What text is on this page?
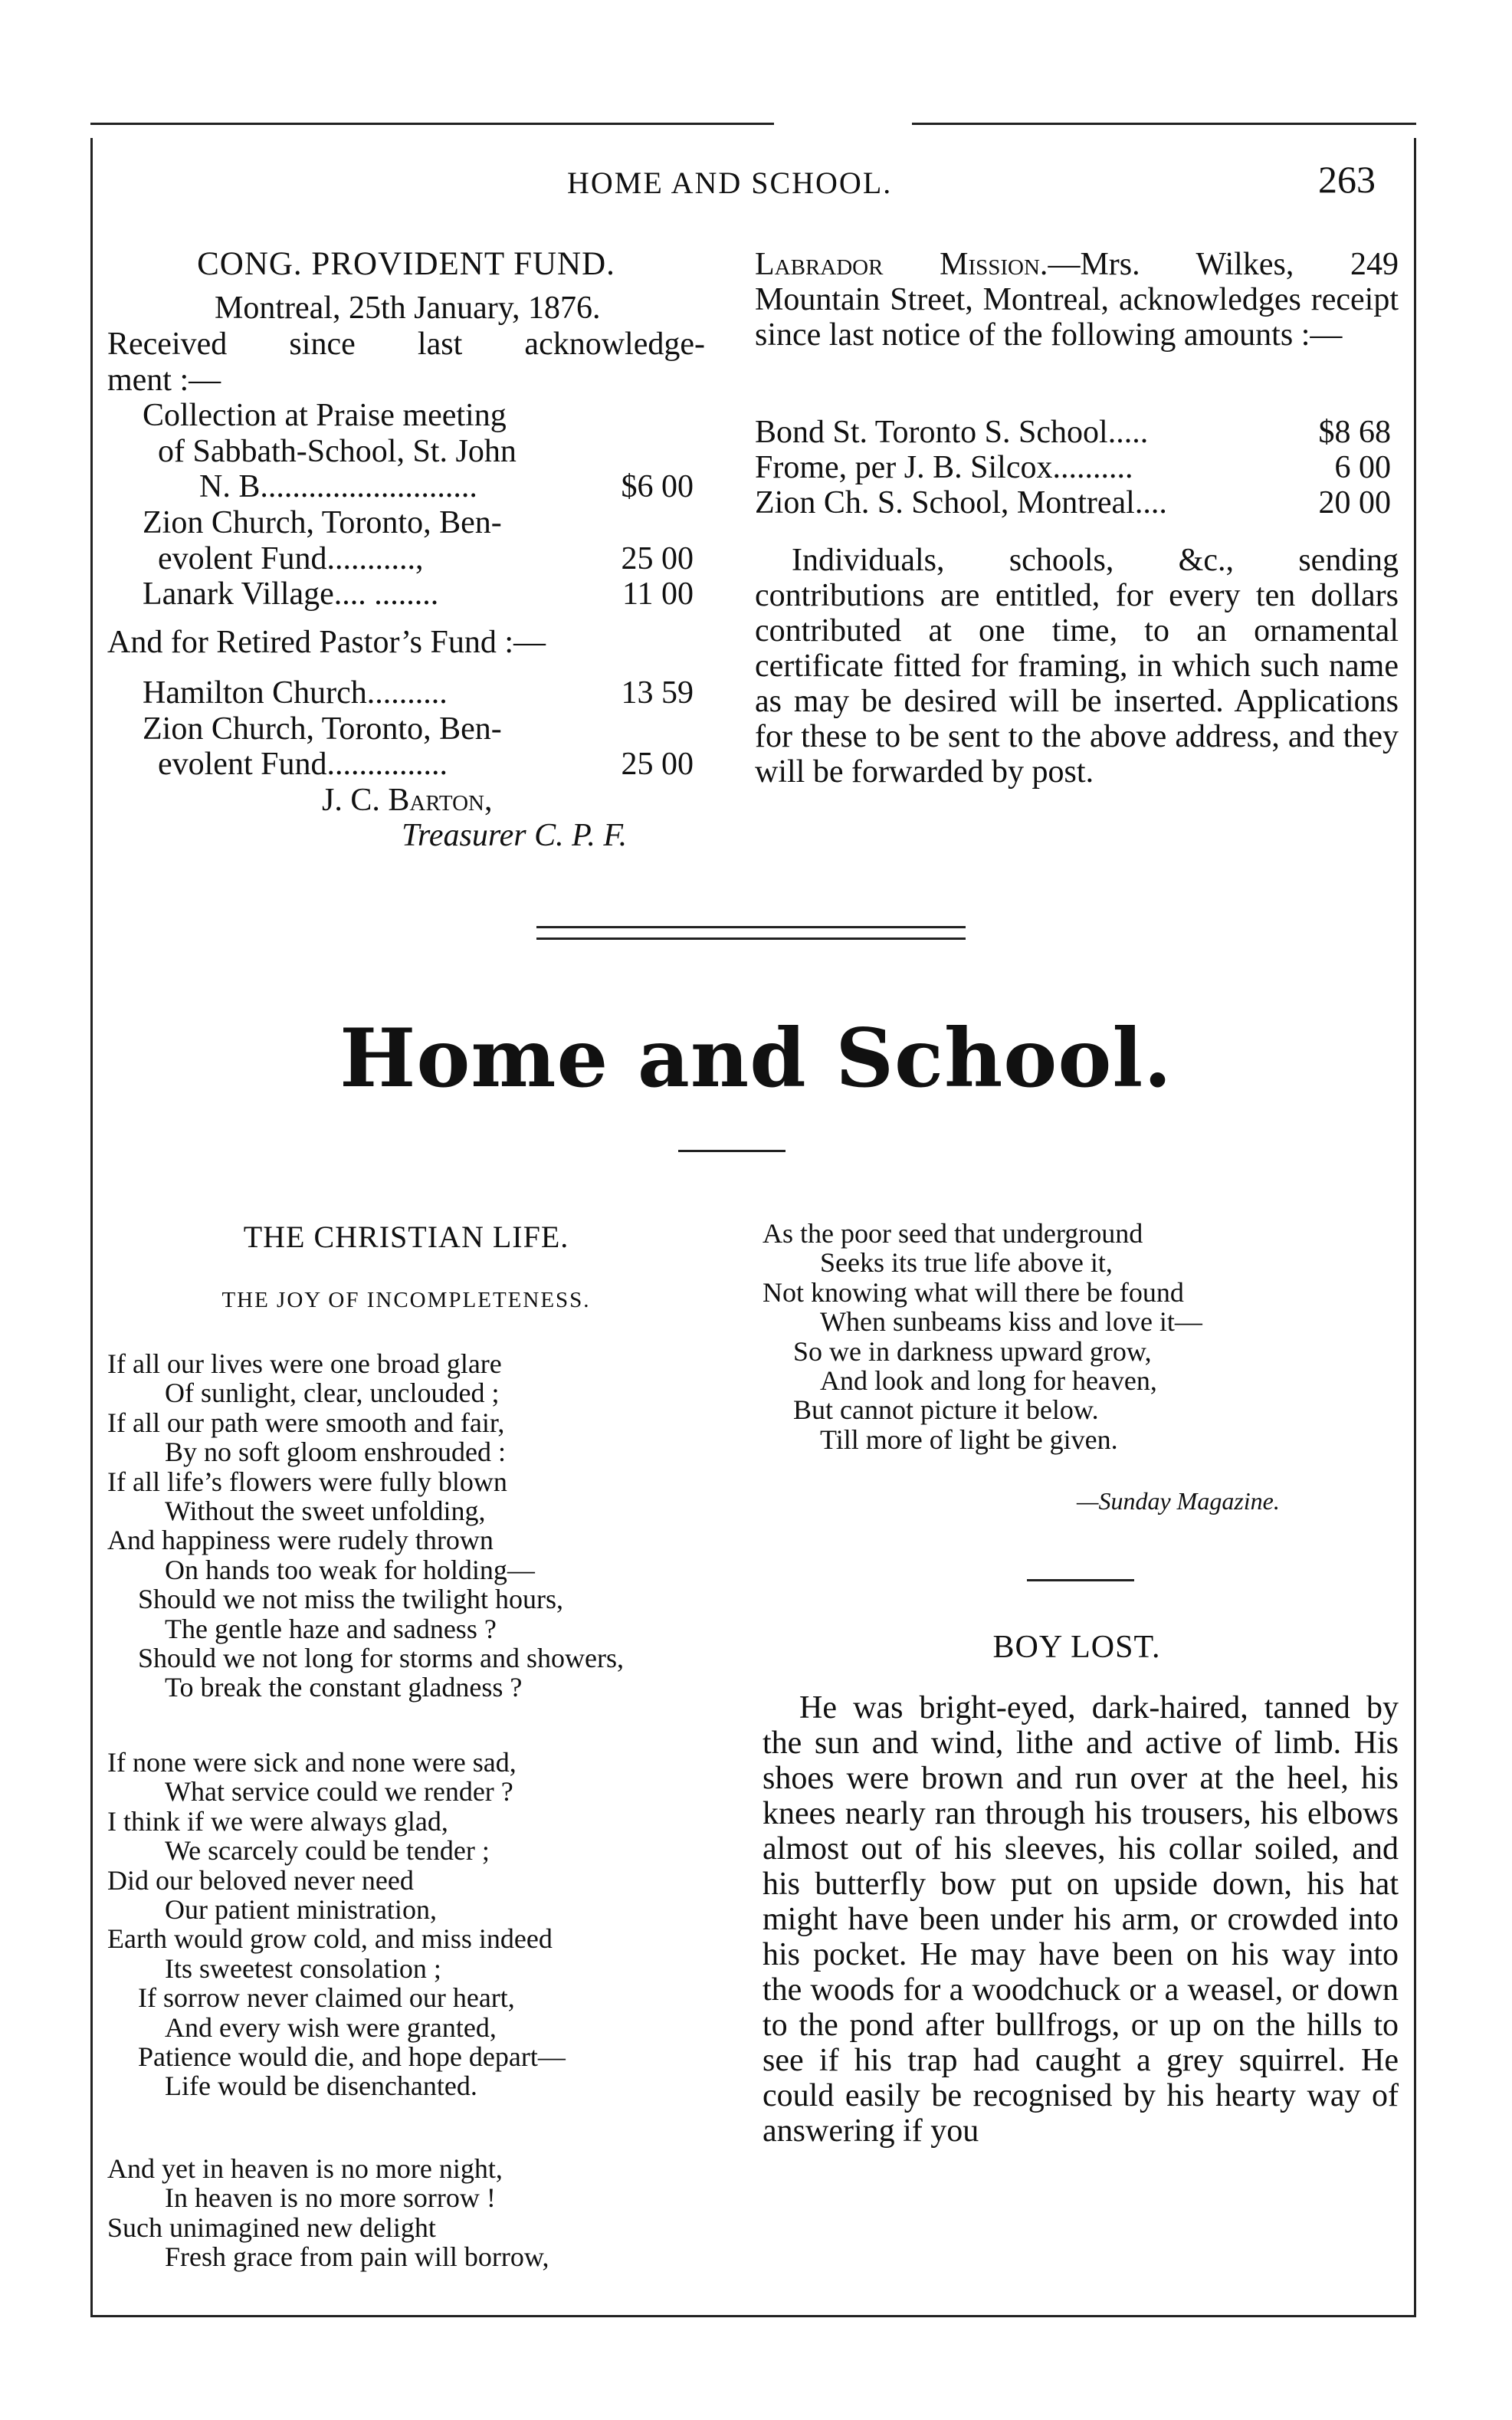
HOME AND SCHOOL.	263
CONG. PROVIDENT FUND.
Montreal, 25th January, 1876.
Received since last acknowledge-
ment :—
Collection at Praise meeting
of Sabbath-School, St. John
N. B...........................	$6 00
Zion Church, Toronto, Ben-
evolent Fund...........,	25 00
Lanark Village.... ........	11 00
And for Retired Pastor’s Fund :—
Hamilton Church..........	13 59
Zion Church, Toronto, Ben-
evolent Fund...............	25 00
J. C. Barton,
Treasurer C. P. F.

Labrador Mission.—Mrs. Wilkes, 249

Mountain Street, Montreal, acknowledges receipt since last notice of the following amounts :—

Bond St. Toronto S. School.....	$8 68
Frome, per J. B. Silcox..........	6 00
Zion Ch. S. School, Montreal....	20 00

Individuals, schools, &c., sending contributions are entitled, for every ten dollars contributed at one time, to an ornamental certificate fitted for framing, in which such name as may be desired will be inserted. Applications for these to be sent to the above address, and they will be forwarded by post.

Home and School.
THE CHRISTIAN LIFE.
THE JOY OF INCOMPLETENESS.
If all our lives were one broad glare
Of sunlight, clear, unclouded ;
If all our path were smooth and fair,
By no soft gloom enshrouded :
If all life’s flowers were fully blown
Without the sweet unfolding,
And happiness were rudely thrown
On hands too weak for holding—
Should we not miss the twilight hours,
The gentle haze and sadness ?
Should we not long for storms and showers,
To break the constant gladness ?
If none were sick and none were sad,
What service could we render ?
I think if we were always glad,
We scarcely could be tender ;
Did our beloved never need
Our patient ministration,
Earth would grow cold, and miss indeed
Its sweetest consolation ;
If sorrow never claimed our heart,
And every wish were granted,
Patience would die, and hope depart—
Life would be disenchanted.
And yet in heaven is no more night,
In heaven is no more sorrow !
Such unimagined new delight
Fresh grace from pain will borrow,
As the poor seed that underground
Seeks its true life above it,
Not knowing what will there be found
When sunbeams kiss and love it—
So we in darkness upward grow,
And look and long for heaven,
But cannot picture it below.
Till more of light be given.
—Sunday Magazine.
BOY LOST.

He was bright-eyed, dark-haired, tanned by the sun and wind, lithe and active of limb. His shoes were brown and run over at the heel, his knees nearly ran through his trousers, his elbows almost out of his sleeves, his collar soiled, and his butterfly bow put on upside down, his hat might have been under his arm, or crowded into his pocket. He may have been on his way into the woods for a woodchuck or a weasel, or down to the pond after bullfrogs, or up on the hills to see if his trap had caught a grey squirrel. He could easily be recognised by his hearty way of answering if you
